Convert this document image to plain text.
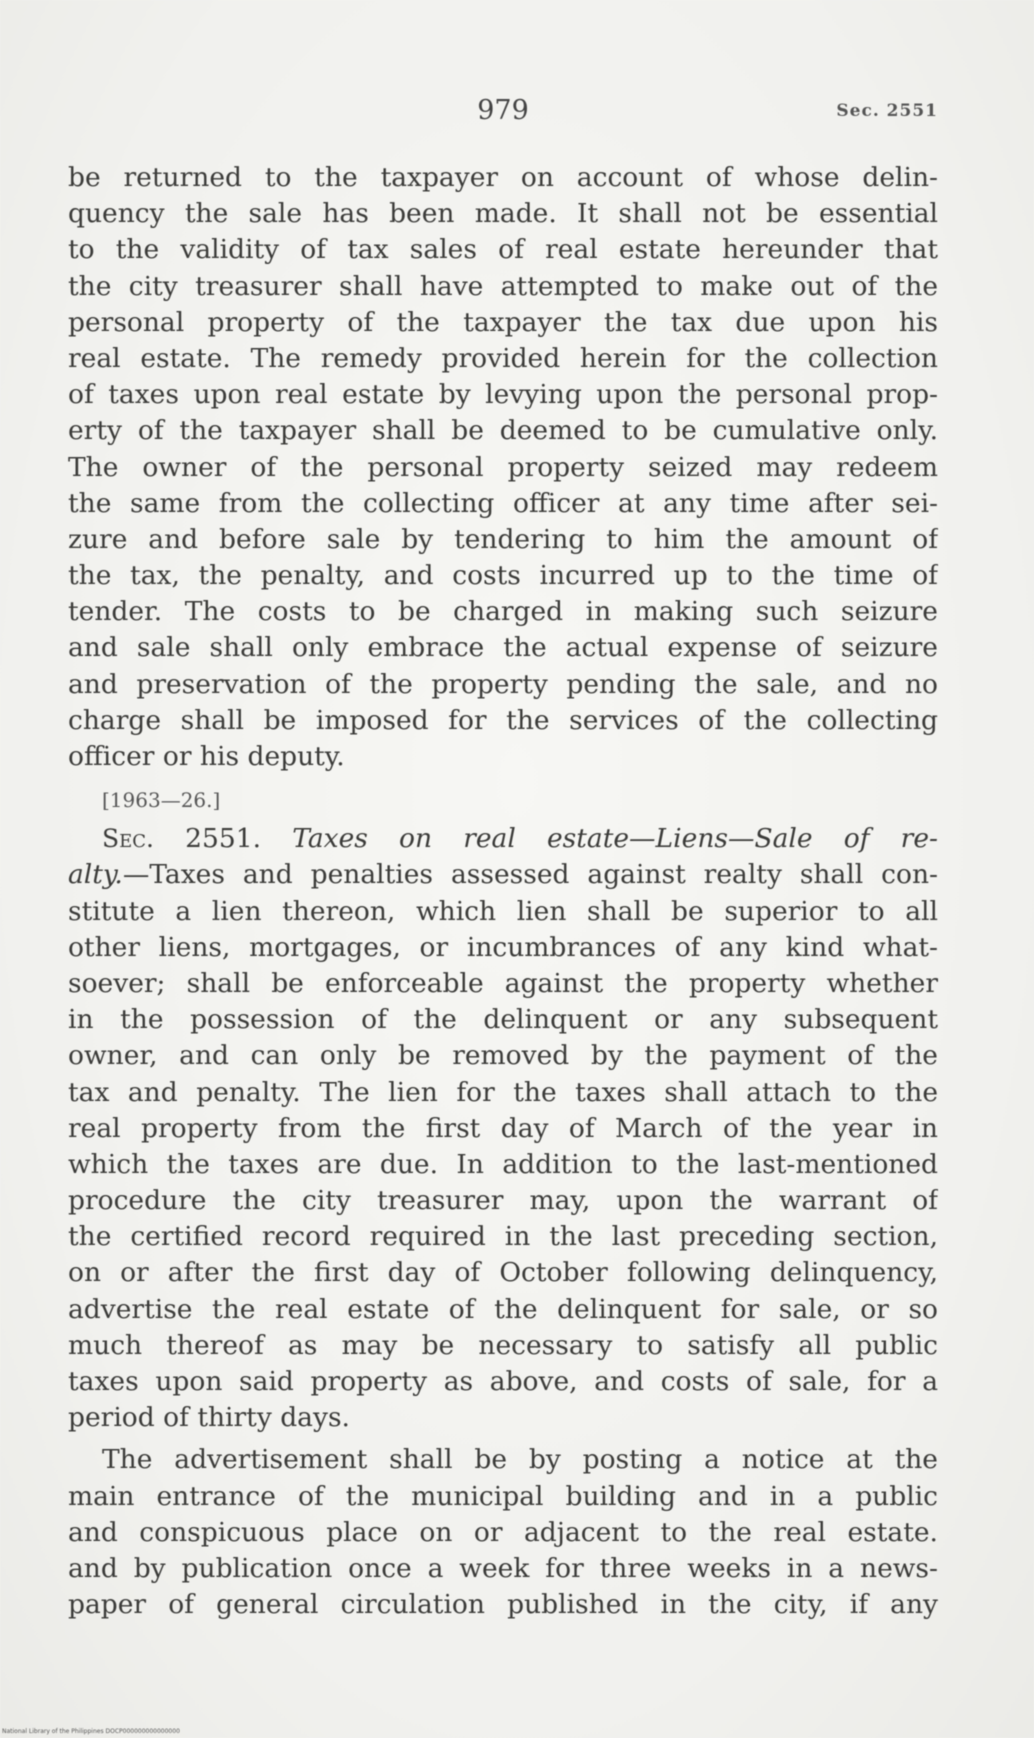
979	Sec. 2551
be returned to the taxpayer on account of whose delin-
quency the sale has been made. It shall not be essential
to the validity of tax sales of real estate hereunder that
the city treasurer shall have attempted to make out of the
personal property of the taxpayer the tax due upon his
real estate. The remedy provided herein for the collection
of taxes upon real estate by levying upon the personal prop-
erty of the taxpayer shall be deemed to be cumulative only.
The owner of the personal property seized may redeem
the same from the collecting officer at any time after sei-
zure and before sale by tendering to him the amount of
the tax, the penalty, and costs incurred up to the time of
tender. The costs to be charged in making such seizure
and sale shall only embrace the actual expense of seizure
and preservation of the property pending the sale, and no
charge shall be imposed for the services of the collecting
officer or his deputy.
[1963—26.]
Sec. 2551. Taxes on real estate—Liens—Sale of re-
alty.—Taxes and penalties assessed against realty shall con-
stitute a lien thereon, which lien shall be superior to all
other liens, mortgages, or incumbrances of any kind what-
soever; shall be enforceable against the property whether
in the possession of the delinquent or any subsequent
owner, and can only be removed by the payment of the
tax and penalty. The lien for the taxes shall attach to the
real property from the first day of March of the year in
which the taxes are due. In addition to the last-mentioned
procedure the city treasurer may, upon the warrant of
the certified record required in the last preceding section,
on or after the first day of October following delinquency,
advertise the real estate of the delinquent for sale, or so
much thereof as may be necessary to satisfy all public
taxes upon said property as above, and costs of sale, for a
period of thirty days.
The advertisement shall be by posting a notice at the
main entrance of the municipal building and in a public
and conspicuous place on or adjacent to the real estate.
and by publication once a week for three weeks in a news-
paper of general circulation published in the city, if any
National Library of the Philippines DOCP000000000000000
